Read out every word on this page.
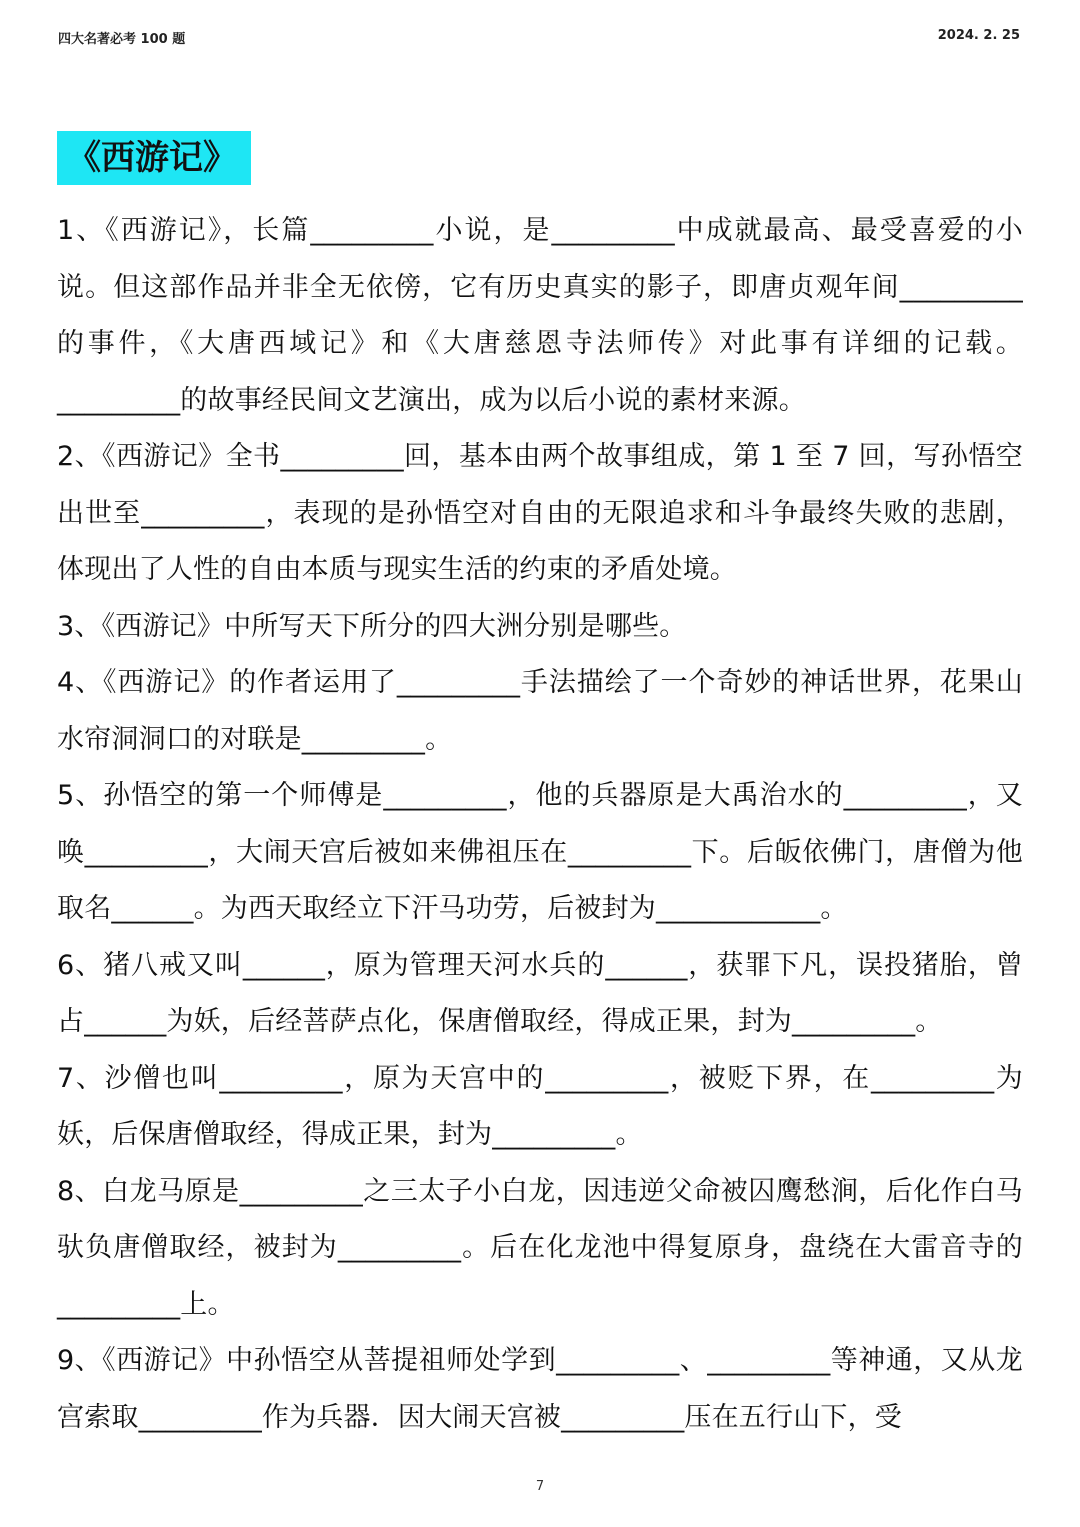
四大名著必考 100 题	2024. 2. 25
《西游记》

1、《西游记》，长篇_________小说，是_________中成就最高、最受喜爱的小说。但这部作品并非全无依傍，它有历史真实的影子，即唐贞观年间_________的事件，《大唐西域记》和《大唐慈恩寺法师传》对此事有详细的记载。_________的故事经民间文艺演出，成为以后小说的素材来源。

2、《西游记》全书_________回，基本由两个故事组成，第 1 至 7 回，写孙悟空出世至_________，表现的是孙悟空对自由的无限追求和斗争最终失败的悲剧，体现出了人性的自由本质与现实生活的约束的矛盾处境。

3、《西游记》中所写天下所分的四大洲分别是哪些。

4、《西游记》的作者运用了_________手法描绘了一个奇妙的神话世界，花果山水帘洞洞口的对联是_________。

5、孙悟空的第一个师傅是_________，他的兵器原是大禹治水的_________，又唤_________，大闹天宫后被如来佛祖压在_________下。后皈依佛门，唐僧为他取名______。为西天取经立下汗马功劳，后被封为____________。

6、猪八戒又叫______，原为管理天河水兵的______，获罪下凡，误投猪胎，曾占______为妖，后经菩萨点化，保唐僧取经，得成正果，封为_________。

7、沙僧也叫_________，原为天宫中的_________，被贬下界，在_________为妖，后保唐僧取经，得成正果，封为_________。

8、白龙马原是_________之三太子小白龙，因违逆父命被囚鹰愁涧，后化作白马驮负唐僧取经，被封为_________。后在化龙池中得复原身，盘绕在大雷音寺的_________上。

9、《西游记》中孙悟空从菩提祖师处学到_________、_________等神通，又从龙宫索取_________作为兵器．因大闹天宫被_________压在五行山下，受

7
